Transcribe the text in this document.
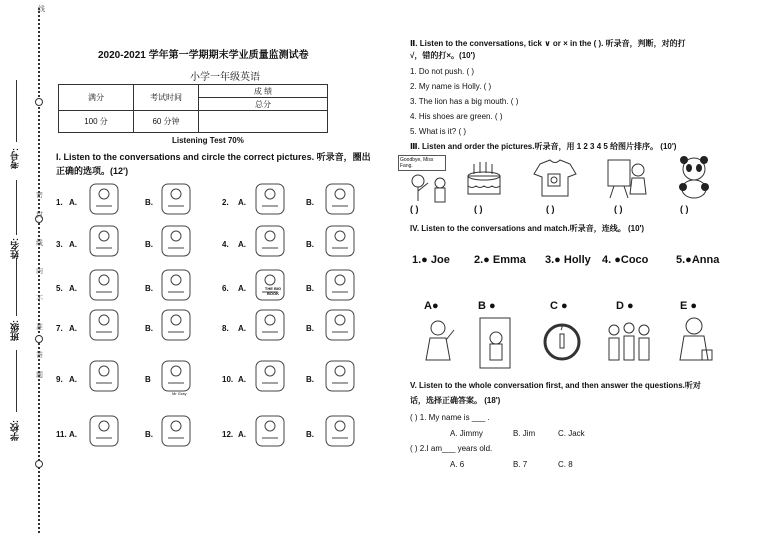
线
学校:
班级:
姓名:
考号:
密
封
线
内
不
准
答
题
2020-2021 学年第一学期期末学业质量监测试卷
小学一年级英语
满分	考试时间	成 绩
		总分
100 分	60 分钟	
Listening Test 70%
I. Listen to the conversations and circle the correct pictures. 听录音，圈出
正确的选项。(12')
1. A.	B.	2. A.	B.
3. A.	B.	4. A.	B.
5. A.	B.	6. A.	B.
7. A.	B.	8. A.	B.
9. A.	B	10. A.	B.
11. A.	B.	12. A.	B.
THE BIG BOOK
Mr Gray
Ⅱ. Listen to the conversations, tick ∨ or × in the ( ). 听录音，判断，对的打
√，错的打×。(10')
1. Do not push. ( )
2. My name is Holly. ( )
3. The lion has a big mouth. ( )
4. His shoes are green. ( )
5. What is it? ( )
Ⅲ. Listen and order the pictures.听录音，用 1 2 3 4 5 给图片排序。 (10')
Goodbye, Miss Fang.
( )	( )	( )	( )	( )
IV. Listen to the conversations and match.听录音，连线。 (10')
1.● Joe 2.● Emma 3.● Holly 4. ●Coco	5.●Anna
A●	B ●	C ●	D ●	E ●
V. Listen to the whole conversation first, and then answer the questions.听对
话，选择正确答案。 (18')
( ) 1. My name is ___ .
A. Jimmy	B. Jim	C. Jack
( ) 2.I am___ years old.
A. 6	B. 7	C. 8
